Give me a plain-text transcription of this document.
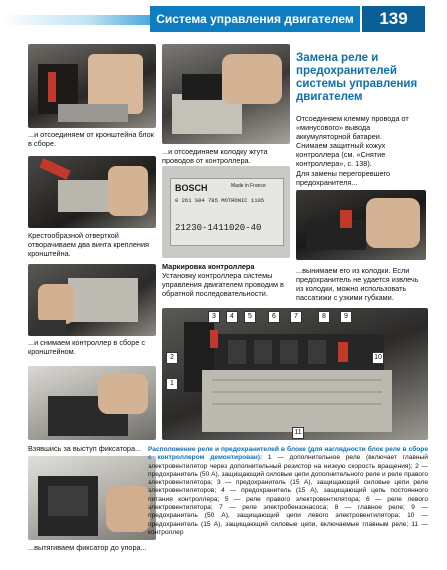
Система управления двигателем	139
...и отсоединяем от кронштейна блок в сборе.
Крестообразной отверткой отворачиваем два винта крепления кронштейна.
...и снимаем контроллер в сборе с кронштейном.
Взявшись за выступ фиксатора...
...вытягиваем фиксатор до упора...
...и отсоединяем колодку жгута проводов от контроллера.
BOSCH	Made in France
0 261 S04 785 MOTRONIC 1105
21230-1411020-40
Маркировка контроллера
Установку контроллера системы управления двигателем проводим в обратной последовательности.
Замена реле и предохранителей системы управления двигателем
Отсоединяем клемму провода от «минусового» вывода аккумуляторной батареи.
Снимаем защитный кожух контроллера (см. «Снятие контроллера», с. 138).
Для замены перегоревшего предохранителя...
...вынимаем его из колодки. Если предохранитель не удается извлечь из колодки, можно использовать пассатижи с узкими губками.
3	4	5	6	7	8	9
2
1
10
11
Расположение реле и предохранителей в блоке (для наглядности блок реле в сборе с контроллером демонтирован): 1 — дополнительное реле (включает главный электровентилятор через дополнительный резистор на низкую скорость вращения); 2 — предохранитель (50 А), защищающий силовые цепи дополнительного реле и реле правого электровентилятора; 3 — предохранитель (15 А), защищающий силовые цепи реле электровентиляторов; 4 — предохранитель (15 А), защищающий цепь постоянного питания контроллера; 5 — реле правого электровентилятора; 6 — реле левого электровентилятора; 7 — реле электробензонасоса; 8 — главное реле; 9 — предохранитель (50 А), защищающий цепи левого электровентилятора; 10 — предохранитель (15 А), защищающий силовые цепи, включаемые главным реле; 11 — контроллер
